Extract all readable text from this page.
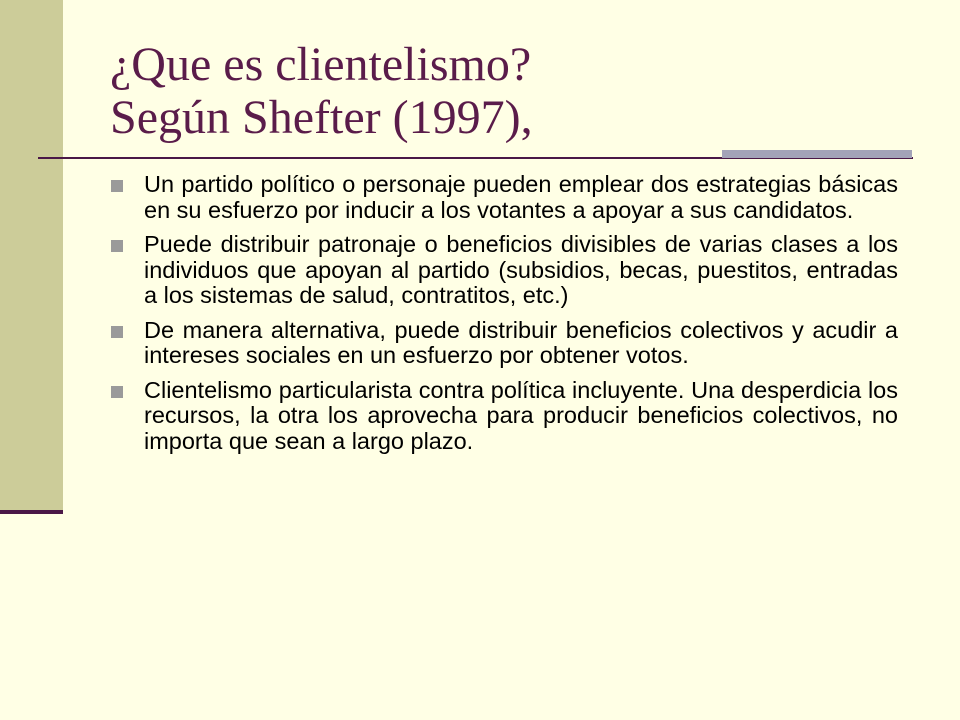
¿Que es clientelismo?
Según Shefter (1997),
Un partido político o personaje pueden emplear dos estrategias básicas en su esfuerzo por inducir a los votantes a apoyar a sus candidatos.
Puede distribuir patronaje o beneficios divisibles de varias clases a los individuos que apoyan al partido (subsidios, becas, puestitos, entradas a los sistemas de salud, contratitos, etc.)
De manera alternativa, puede distribuir beneficios colectivos y acudir a intereses sociales en un esfuerzo por obtener votos.
Clientelismo particularista contra política incluyente. Una desperdicia los recursos, la otra los aprovecha para producir beneficios colectivos, no importa que sean a largo plazo.
